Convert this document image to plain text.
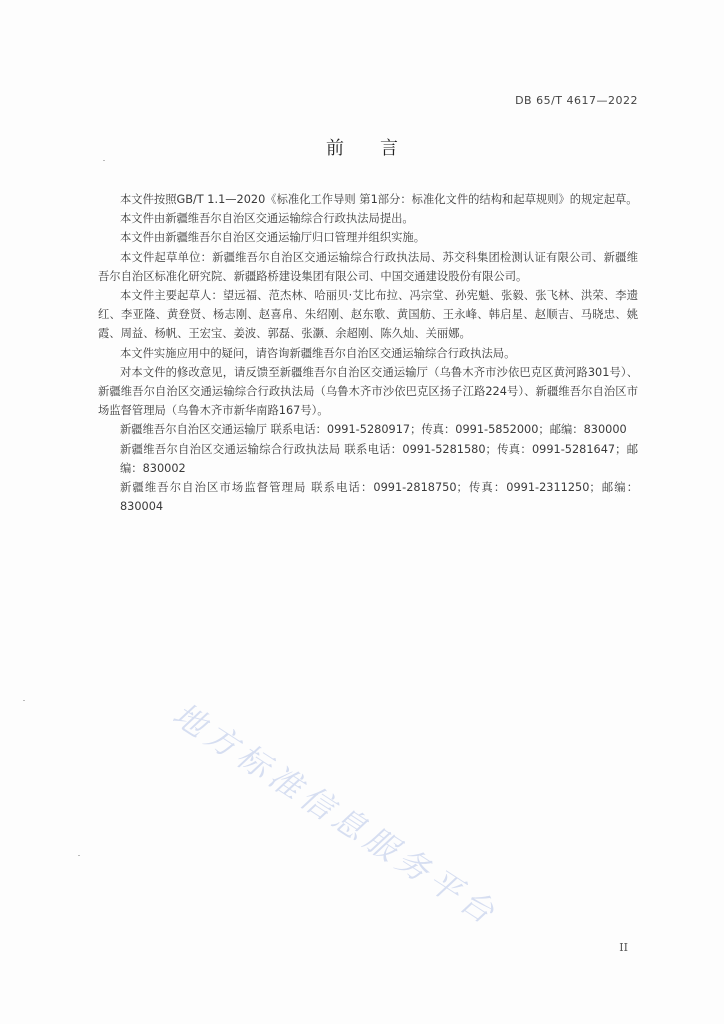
DB 65/T 4617—2022
前言

本文件按照GB/T 1.1—2020《标准化工作导则 第1部分：标准化文件的结构和起草规则》的规定起草。

本文件由新疆维吾尔自治区交通运输综合行政执法局提出。

本文件由新疆维吾尔自治区交通运输厅归口管理并组织实施。

本文件起草单位：新疆维吾尔自治区交通运输综合行政执法局、苏交科集团检测认证有限公司、新疆维吾尔自治区标准化研究院、新疆路桥建设集团有限公司、中国交通建设股份有限公司。

本文件主要起草人：望远福、范杰林、哈丽贝·艾比布拉、冯宗堂、孙宪魁、张毅、张飞林、洪荣、李遗红、李亚隆、黄登贤、杨志刚、赵喜帛、朱绍刚、赵东歌、黄国舫、王永峰、韩启星、赵顺吉、马晓忠、姚霞、周益、杨帆、王宏宝、姜波、郭磊、张灏、余超刚、陈久灿、关丽娜。

本文件实施应用中的疑问，请咨询新疆维吾尔自治区交通运输综合行政执法局。

对本文件的修改意见，请反馈至新疆维吾尔自治区交通运输厅（乌鲁木齐市沙依巴克区黄河路301号）、新疆维吾尔自治区交通运输综合行政执法局（乌鲁木齐市沙依巴克区扬子江路224号）、新疆维吾尔自治区市场监督管理局（乌鲁木齐市新华南路167号）。

新疆维吾尔自治区交通运输厅 联系电话：0991-5280917；传真：0991-5852000；邮编：830000

新疆维吾尔自治区交通运输综合行政执法局 联系电话：0991-5281580；传真：0991-5281647；邮编：830002

新疆维吾尔自治区市场监督管理局 联系电话：0991-2818750；传真：0991-2311250；邮编：830004

地方标准信息服务平台
II
